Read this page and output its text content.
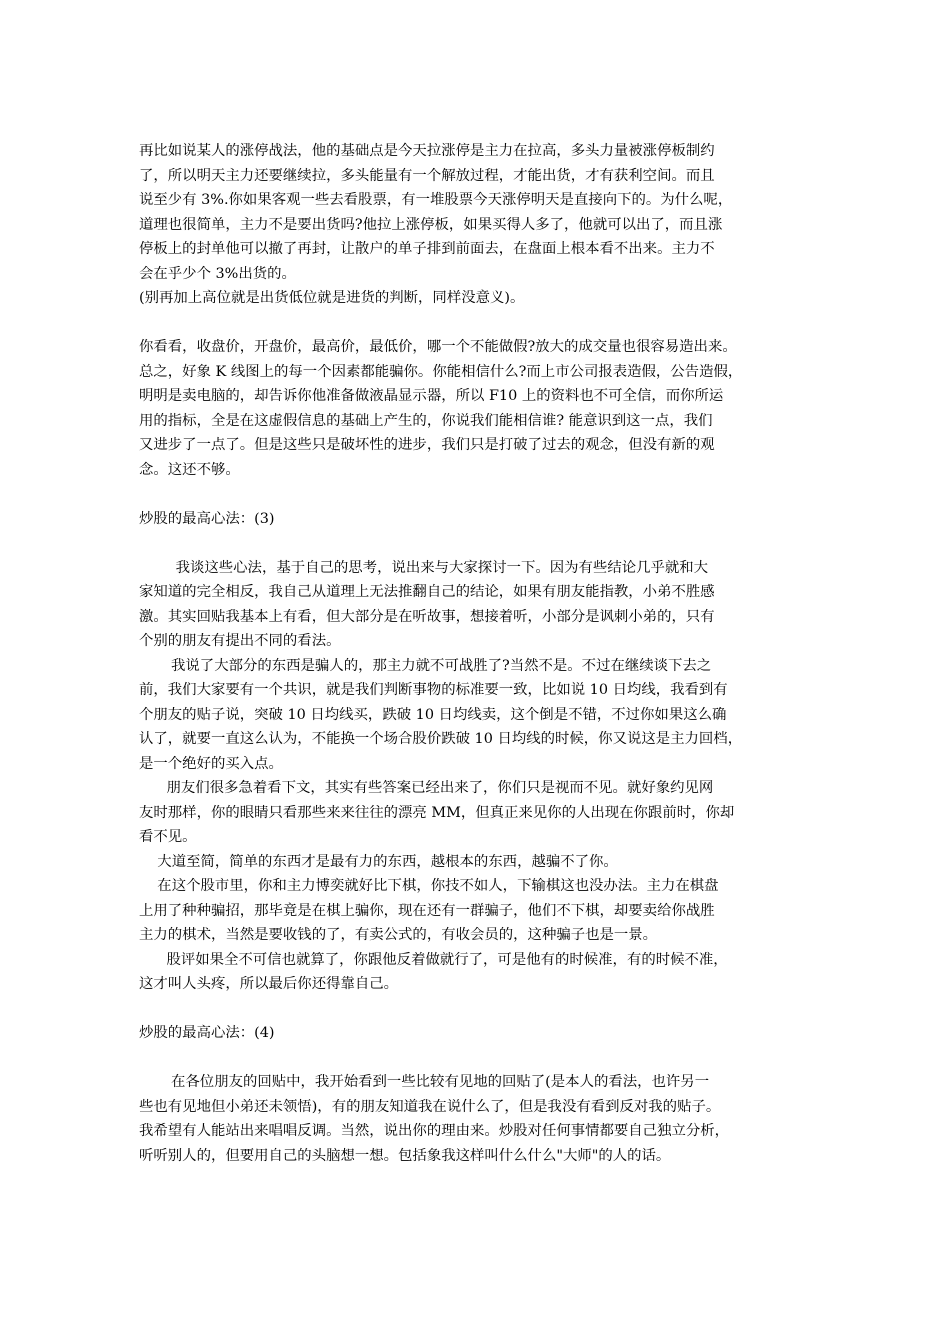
再比如说某人的涨停战法，他的基础点是今天拉涨停是主力在拉高，多头力量被涨停板制约
了，所以明天主力还要继续拉，多头能量有一个解放过程，才能出货，才有获利空间。而且
说至少有 3%.你如果客观一些去看股票，有一堆股票今天涨停明天是直接向下的。为什么呢，
道理也很简单，主力不是要出货吗?他拉上涨停板，如果买得人多了，他就可以出了，而且涨
停板上的封单他可以撤了再封，让散户的单子排到前面去，在盘面上根本看不出来。主力不
会在乎少个 3%出货的。
(别再加上高位就是出货低位就是进货的判断，同样没意义)。
你看看，收盘价，开盘价，最高价，最低价，哪一个不能做假?放大的成交量也很容易造出来。
总之，好象 K 线图上的每一个因素都能骗你。你能相信什么?而上市公司报表造假，公告造假，
明明是卖电脑的，却告诉你他准备做液晶显示器，所以 F10 上的资料也不可全信，而你所运
用的指标，全是在这虚假信息的基础上产生的，你说我们能相信谁? 能意识到这一点，我们
又进步了一点了。但是这些只是破坏性的进步，我们只是打破了过去的观念，但没有新的观
念。这还不够。
炒股的最高心法：(3)
我谈这些心法，基于自己的思考，说出来与大家探讨一下。因为有些结论几乎就和大
家知道的完全相反，我自己从道理上无法推翻自己的结论，如果有朋友能指教，小弟不胜感
激。其实回贴我基本上有看，但大部分是在听故事，想接着听，小部分是讽刺小弟的，只有
个别的朋友有提出不同的看法。
我说了大部分的东西是骗人的，那主力就不可战胜了?当然不是。不过在继续谈下去之
前，我们大家要有一个共识，就是我们判断事物的标准要一致，比如说 10 日均线，我看到有
个朋友的贴子说，突破 10 日均线买，跌破 10 日均线卖，这个倒是不错，不过你如果这么确
认了，就要一直这么认为，不能换一个场合股价跌破 10 日均线的时候，你又说这是主力回档，
是一个绝好的买入点。
朋友们很多急着看下文，其实有些答案已经出来了，你们只是视而不见。就好象约见网
友时那样，你的眼睛只看那些来来往往的漂亮 MM，但真正来见你的人出现在你跟前时，你却
看不见。
大道至简，简单的东西才是最有力的东西，越根本的东西，越骗不了你。
在这个股市里，你和主力博奕就好比下棋，你技不如人，下输棋这也没办法。主力在棋盘
上用了种种骗招，那毕竟是在棋上骗你，现在还有一群骗子，他们不下棋，却要卖给你战胜
主力的棋术，当然是要收钱的了，有卖公式的，有收会员的，这种骗子也是一景。
股评如果全不可信也就算了，你跟他反着做就行了，可是他有的时候准，有的时候不准，
这才叫人头疼，所以最后你还得靠自己。
炒股的最高心法：(4)
在各位朋友的回贴中，我开始看到一些比较有见地的回贴了(是本人的看法，也许另一
些也有见地但小弟还未领悟)，有的朋友知道我在说什么了，但是我没有看到反对我的贴子。
我希望有人能站出来唱唱反调。当然，说出你的理由来。炒股对任何事情都要自己独立分析，
听听别人的，但要用自己的头脑想一想。包括象我这样叫什么什么"大师"的人的话。
